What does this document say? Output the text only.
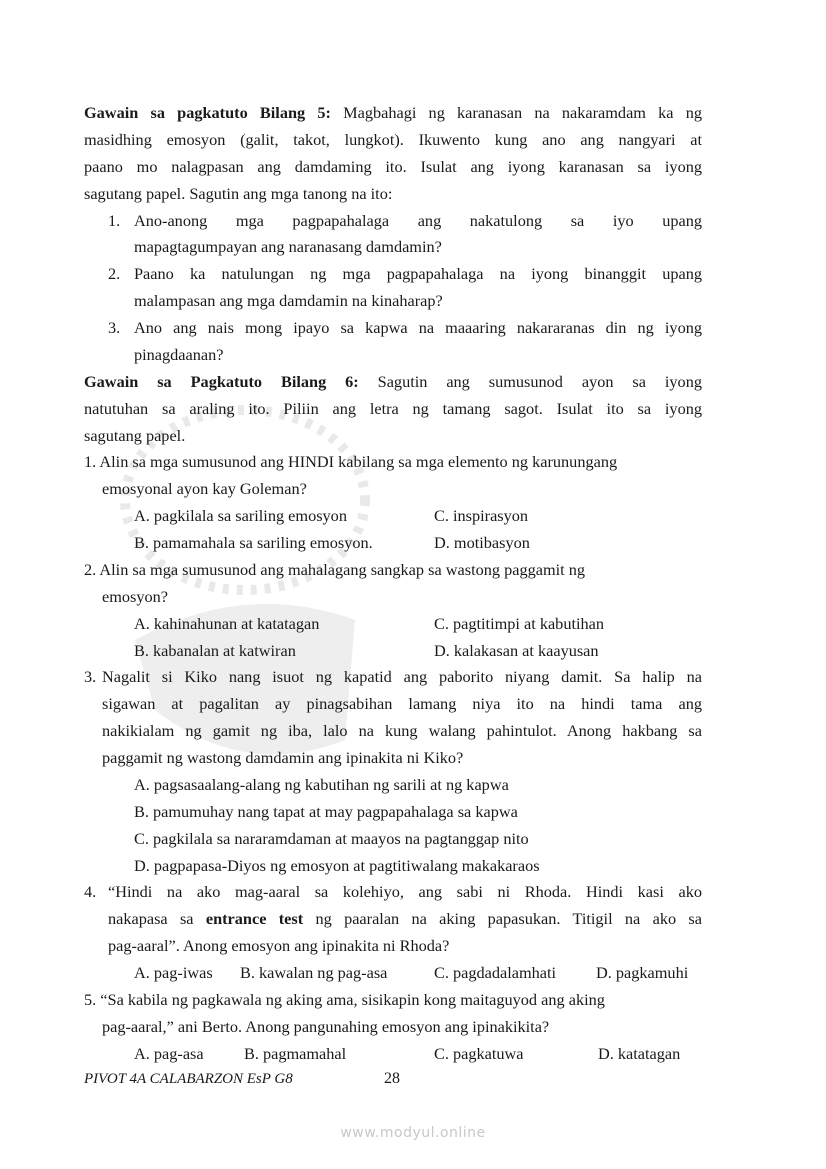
Gawain sa pagkatuto Bilang 5: Magbahagi ng karanasan na nakaramdam ka ng
masidhing emosyon (galit, takot, lungkot). Ikuwento kung ano ang nangyari at
paano mo nalagpasan ang damdaming ito. Isulat ang iyong karanasan sa iyong
sagutang papel. Sagutin ang mga tanong na ito:
1. Ano-anong mga pagpapahalaga ang nakatulong sa iyo upang
mapagtagumpayan ang naranasang damdamin?
2. Paano ka natulungan ng mga pagpapahalaga na iyong binanggit upang
malampasan ang mga damdamin na kinaharap?
3. Ano ang nais mong ipayo sa kapwa na maaaring nakararanas din ng iyong
pinagdaanan?
Gawain sa Pagkatuto Bilang 6: Sagutin ang sumusunod ayon sa iyong
natutuhan sa araling ito. Piliin ang letra ng tamang sagot. Isulat ito sa iyong
sagutang papel.
1. Alin sa mga sumusunod ang HINDI kabilang sa mga elemento ng karunungang
emosyonal ayon kay Goleman?
A. pagkilala sa sariling emosyon	C. inspirasyon
B. pamamahala sa sariling emosyon.	D. motibasyon
2. Alin sa mga sumusunod ang mahalagang sangkap sa wastong paggamit ng
emosyon?
A. kahinahunan at katatagan	C. pagtitimpi at kabutihan
B. kabanalan at katwiran	D. kalakasan at kaayusan
3. Nagalit si Kiko nang isuot ng kapatid ang paborito niyang damit. Sa halip na
sigawan at pagalitan ay pinagsabihan lamang niya ito na hindi tama ang
nakikialam ng gamit ng iba, lalo na kung walang pahintulot. Anong hakbang sa
paggamit ng wastong damdamin ang ipinakita ni Kiko?
A. pagsasaalang-alang ng kabutihan ng sarili at ng kapwa
B. pamumuhay nang tapat at may pagpapahalaga sa kapwa
C. pagkilala sa nararamdaman at maayos na pagtanggap nito
D. pagpapasa-Diyos ng emosyon at pagtitiwalang makakaraos
4. “Hindi na ako mag-aaral sa kolehiyo, ang sabi ni Rhoda. Hindi kasi ako
nakapasa sa entrance test ng paaralan na aking papasukan. Titigil na ako sa
pag-aaral”. Anong emosyon ang ipinakita ni Rhoda?
A. pag-iwas B. kawalan ng pag-asa	C. pagdadalamhati D. pagkamuhi
5. “Sa kabila ng pagkawala ng aking ama, sisikapin kong maitaguyod ang aking
pag-aaral,” ani Berto. Anong pangunahing emosyon ang ipinakikita?
A. pag-asa B. pagmamahal	C. pagkatuwa	D. katatagan
PIVOT 4A CALABARZON EsP G8	28
www.modyul.online
